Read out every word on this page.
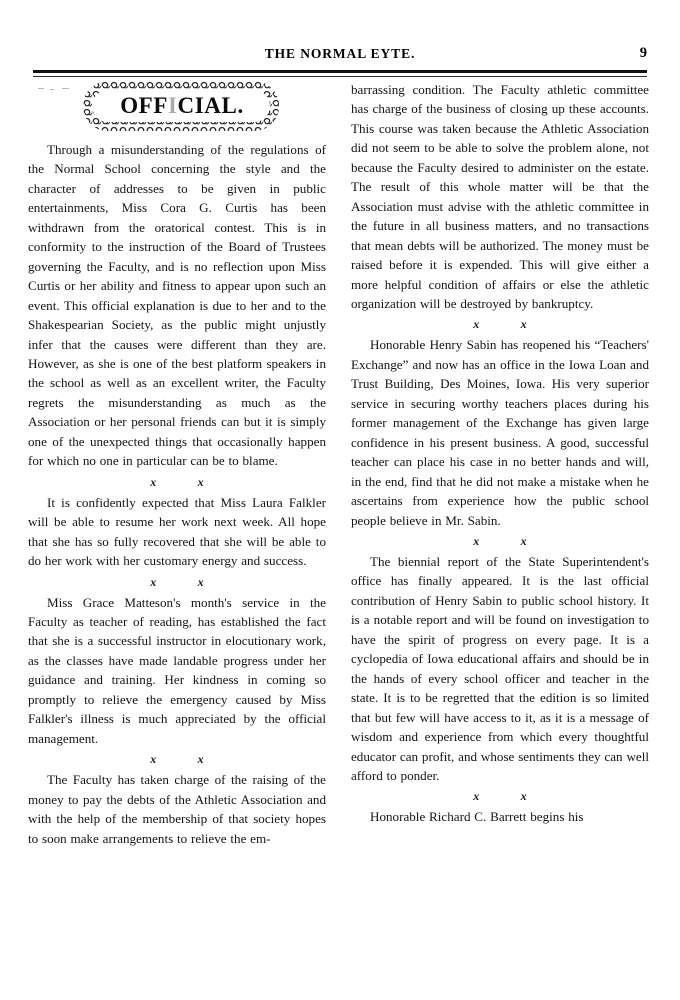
THE NORMAL EYTE.	9
OFF I CIAL.

Through a misunderstanding of the regulations of the Normal School concerning the style and the character of addresses to be given in public entertainments, Miss Cora G. Curtis has been withdrawn from the oratorical contest. This is in conformity to the instruction of the Board of Trustees governing the Faculty, and is no reflection upon Miss Curtis or her ability and fitness to appear upon such an event. This official explanation is due to her and to the Shakespearian Society, as the public might unjustly infer that the causes were different than they are. However, as she is one of the best platform speakers in the school as well as an excellent writer, the Faculty regrets the misunderstanding as much as the Association or her personal friends can but it is simply one of the unexpected things that occasionally happen for which no one in particular can be to blame.

x x

It is confidently expected that Miss Laura Falkler will be able to resume her work next week. All hope that she has so fully recovered that she will be able to do her work with her customary energy and success.

x x

Miss Grace Matteson's month's service in the Faculty as teacher of reading, has established the fact that she is a successful instructor in elocutionary work, as the classes have made landable progress under her guidance and training. Her kindness in coming so promptly to relieve the emergency caused by Miss Falkler's illness is much appreciated by the official management.

x x

The Faculty has taken charge of the raising of the money to pay the debts of the Athletic Association and with the help of the membership of that society hopes to soon make arrangements to relieve the em-

barrassing condition. The Faculty athletic committee has charge of the business of closing up these accounts. This course was taken because the Athletic Association did not seem to be able to solve the problem alone, not because the Faculty desired to administer on the estate. The result of this whole matter will be that the Association must advise with the athletic committee in the future in all business matters, and no transactions that mean debts will be authorized. The money must be raised before it is expended. This will give either a more helpful condition of affairs or else the athletic organization will be destroyed by bankruptcy.

x x

Honorable Henry Sabin has reopened his “Teachers' Exchange” and now has an office in the Iowa Loan and Trust Building, Des Moines, Iowa. His very superior service in securing worthy teachers places during his former management of the Exchange has given large confidence in his present business. A good, successful teacher can place his case in no better hands and will, in the end, find that he did not make a mistake when he ascertains from experience how the public school people believe in Mr. Sabin.

x x

The biennial report of the State Superintendent's office has finally appeared. It is the last official contribution of Henry Sabin to public school history. It is a notable report and will be found on investigation to have the spirit of progress on every page. It is a cyclopedia of Iowa educational affairs and should be in the hands of every school officer and teacher in the state. It is to be regretted that the edition is so limited that but few will have access to it, as it is a message of wisdom and experience from which every thoughtful educator can profit, and whose sentiments they can well afford to ponder.

x x

Honorable Richard C. Barrett begins his
